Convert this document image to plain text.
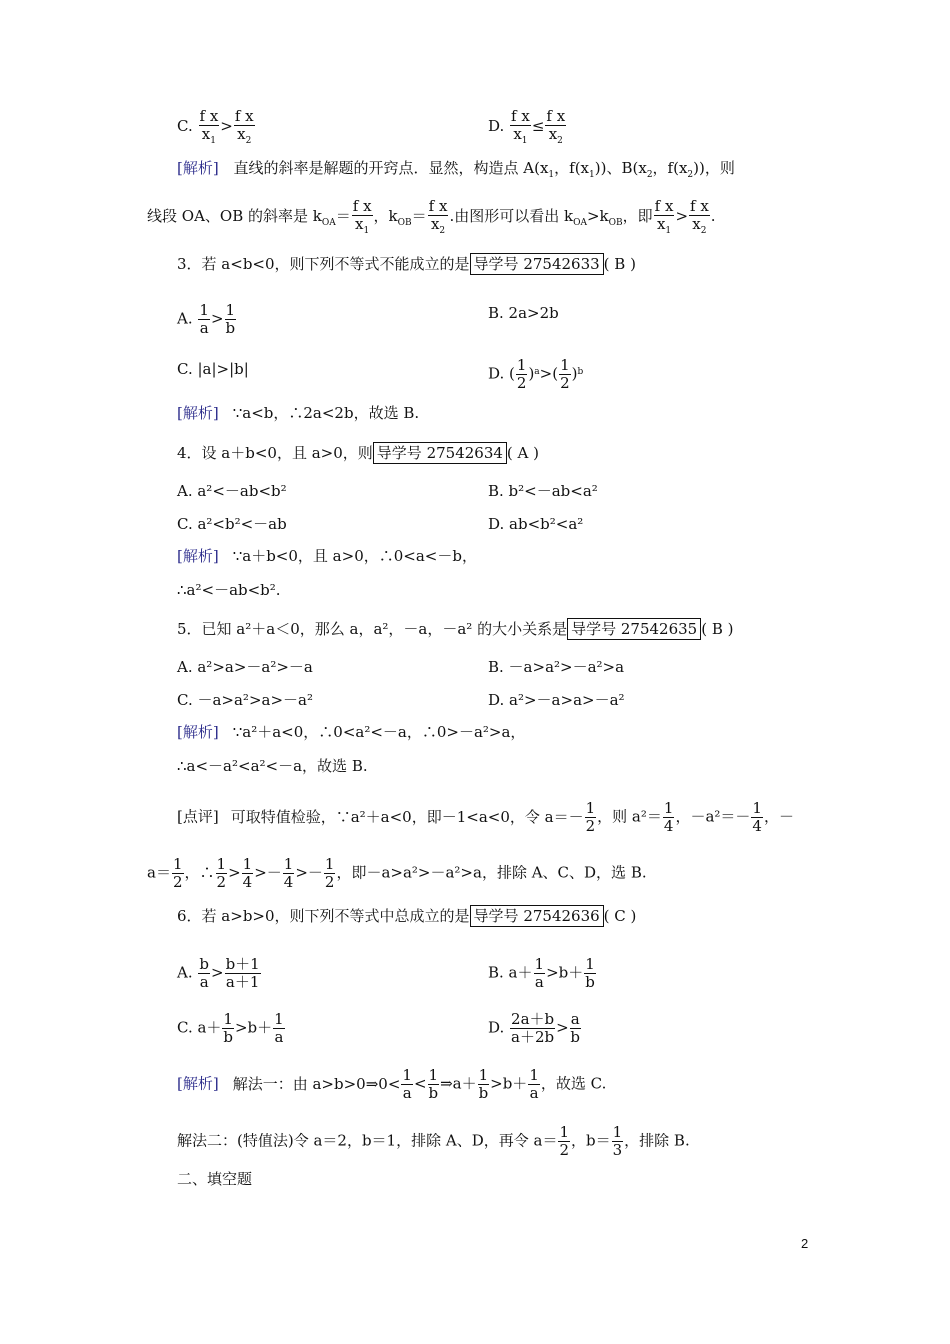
C. $\frac{\text{f x}}{x_1} > \frac{\text{f x}}{x_2}$	D. $\frac{\text{f x}}{x_1} \le \frac{\text{f x}}{x_2}$
[解析] 直线的斜率是解题的开窍点．显然，构造点 $A(x_1$，$f(x_1)$)、$B(x_2$，$f(x_2)$)，则
线段 OA、OB 的斜率是 $k_{OA}= \frac{\text{f x}}{x_1}$ ，$k_{OB}= \frac{\text{f x}}{x_2}$ .由图形可以看出 $k_{OA}>k_{OB}$，即 $\frac{\text{f x}}{x_1} > \frac{\text{f x}}{x_2}$ .
3．若 a<b<0，则下列不等式不能成立的是 导学号 27542633 ( B )
A. $\frac{1}{a} > \frac{1}{b}$	B. 2a>2b
C. |a|>|b|	D. ( $\frac{1}{2} )^a>( \frac{1}{2} )^b$
[解析] ∵a<b，∴2a<2b，故选 B.
4．设 a＋b<0，且 a>0，则 导学号 27542634 ( A )
A. a²<－ab<b²	B. b²<－ab<a²
C. a²<b²<－ab	D. ab<b²<a²
[解析] ∵a＋b<0，且 a>0，∴0<a<－b，
∴a²<－ab<b².
5．已知 a²＋a＜0，那么 a，a²，－a，－a² 的大小关系是 导学号 27542635 ( B )
A. a²>a>－a²>－a	B. －a>a²>－a²>a
C. －a>a²>a>－a²	D. a²>－a>a>－a²
[解析] ∵a²＋a<0，∴0<a²<－a，∴0>－a²>a，
∴a<－a²<a²<－a，故选 B.
[点评] 可取特值检验，∵a²＋a<0，即－1<a<0，令 $a=- \frac{1}{2}$ ，则 $a^2= \frac{1}{4}$ ，$-a^2=- \frac{1}{4}$ ，－
$a= \frac{1}{2}$ ，∴ $\frac{1}{2} > \frac{1}{4} >- \frac{1}{4} >- \frac{1}{2}$ ，即－a>a²>－a²>a，排除 A、C、D，选 B.
6．若 a>b>0，则下列不等式中总成立的是 导学号 27542636 ( C )
A. $\frac{b}{a} > \frac{b+1}{a+1}$	B. $a+ \frac{1}{a} >b+ \frac{1}{b}$
C. $a+ \frac{1}{b} >b+ \frac{1}{a}$	D. $\frac{2a+b}{a+2b} > \frac{a}{b}$
[解析] 解法一：由 a>b>0⇒0< $\frac{1}{a} < \frac{1}{b}$ ⇒a＋ $\frac{1}{b} >b+ \frac{1}{a}$ ，故选 C.
解法二：(特值法)令 a＝2，b＝1，排除 A、D，再令 $a= \frac{1}{2}$ ，$b= \frac{1}{3}$ ，排除 B.
二、填空题
2
